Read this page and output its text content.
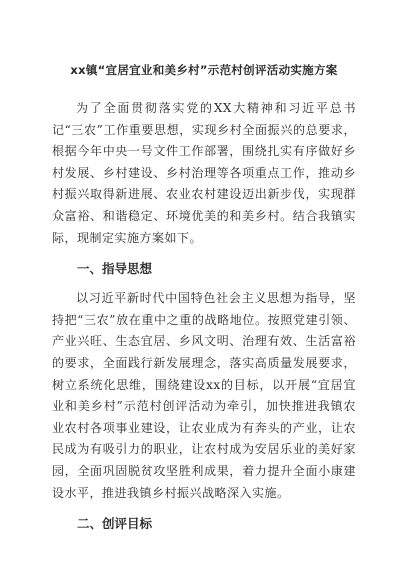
xx镇“宜居宜业和美乡村”示范村创评活动实施方案

为了全面贯彻落实党的XX大精神和习近平总书记“三农”工作重要思想，实现乡村全面振兴的总要求，根据今年中央一号文件工作部署，围绕扎实有序做好乡村发展、乡村建设、乡村治理等各项重点工作，推动乡村振兴取得新进展、农业农村建设迈出新步伐，实现群众富裕、和谐稳定、环境优美的和美乡村。结合我镇实际，现制定实施方案如下。

一、指导思想

以习近平新时代中国特色社会主义思想为指导，坚持把“三农”放在重中之重的战略地位。按照党建引领、产业兴旺、生态宜居、乡风文明、治理有效、生活富裕的要求，全面践行新发展理念，落实高质量发展要求，树立系统化思维，围绕建设xx的目标，以开展“宜居宜业和美乡村”示范村创评活动为牵引，加快推进我镇农业农村各项事业建设，让农业成为有奔头的产业，让农民成为有吸引力的职业，让农村成为安居乐业的美好家园，全面巩固脱贫攻坚胜利成果，着力提升全面小康建设水平，推进我镇乡村振兴战略深入实施。

二、创评目标
